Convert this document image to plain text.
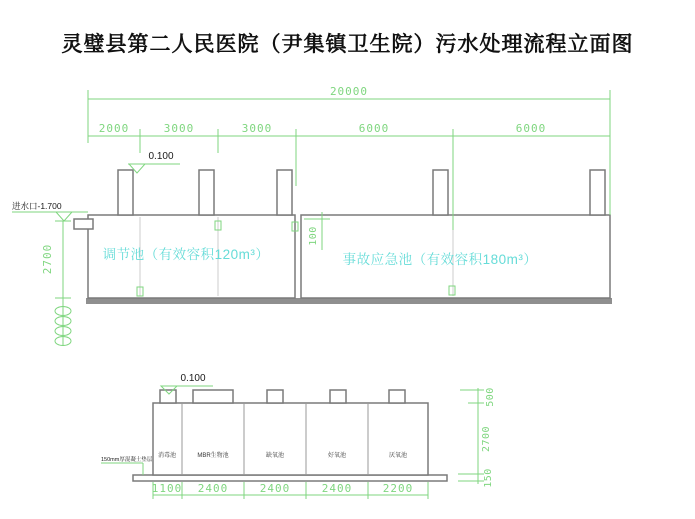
灵璧县第二人民医院（尹集镇卫生院）污水处理流程立面图
20000
2000	3000	3000	6000	6000
0.100
进水口-1.700
2700
100
调节池（有效容积120m³）	事故应急池（有效容积180m³）
0.100
150mm厚混凝土垫层
消毒池	MBR生物池	缺氧池	好氧池	厌氧池
1100 2400	2400	2400	2200
500
2700
150
